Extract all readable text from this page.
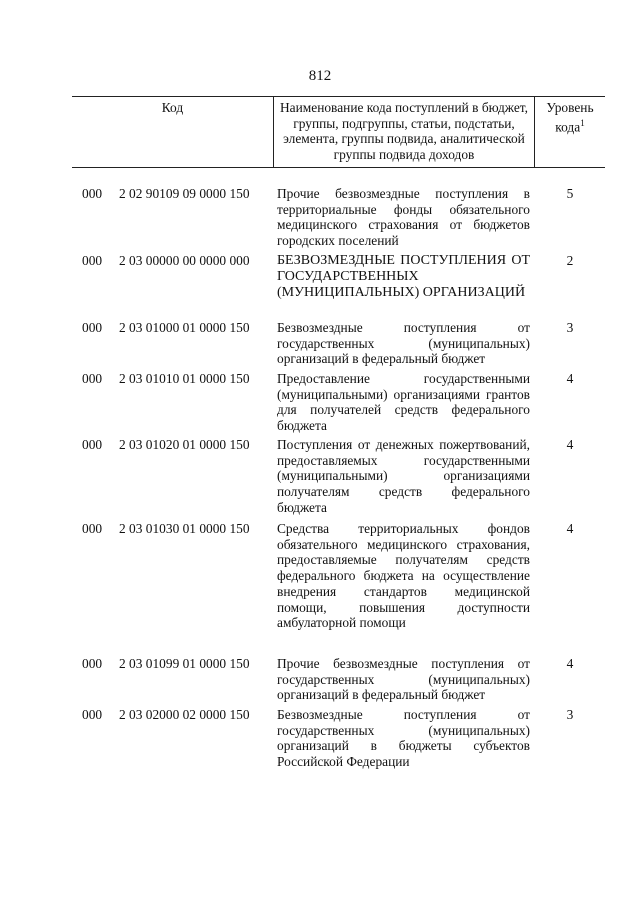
812
Код	Наименование кода поступлений в бюджет, группы, подгруппы, статьи, подстатьи, элемента, группы подвида, аналитической группы подвида доходов
Уровень кода$^1$
000 2 02 90109 09 0000 150 Прочие безвозмездные поступления в территориальные фонды обязательного медицинского страхования от бюджетов городских поселений
5
000 2 03 00000 00 0000 000 БЕЗВОЗМЕЗДНЫЕ ПОСТУПЛЕНИЯ ОТ ГОСУДАРСТВЕННЫХ (МУНИЦИПАЛЬНЫХ) ОРГАНИЗАЦИЙ
2
000 2 03 01000 01 0000 150 Безвозмездные поступления от государственных (муниципальных) организаций в федеральный бюджет
3
000 2 03 01010 01 0000 150 Предоставление государственными (муниципальными) организациями грантов для получателей средств федерального бюджета
4
000 2 03 01020 01 0000 150 Поступления от денежных пожертвований, предоставляемых государственными (муниципальными) организациями получателям средств федерального бюджета
4
000 2 03 01030 01 0000 150 Средства территориальных фондов обязательного медицинского страхования, предоставляемые получателям средств федерального бюджета на осуществление внедрения стандартов медицинской помощи, повышения доступности амбулаторной помощи
4
000 2 03 01099 01 0000 150 Прочие безвозмездные поступления от государственных (муниципальных) организаций в федеральный бюджет
4
000 2 03 02000 02 0000 150 Безвозмездные поступления от государственных (муниципальных) организаций в бюджеты субъектов Российской Федерации
3
